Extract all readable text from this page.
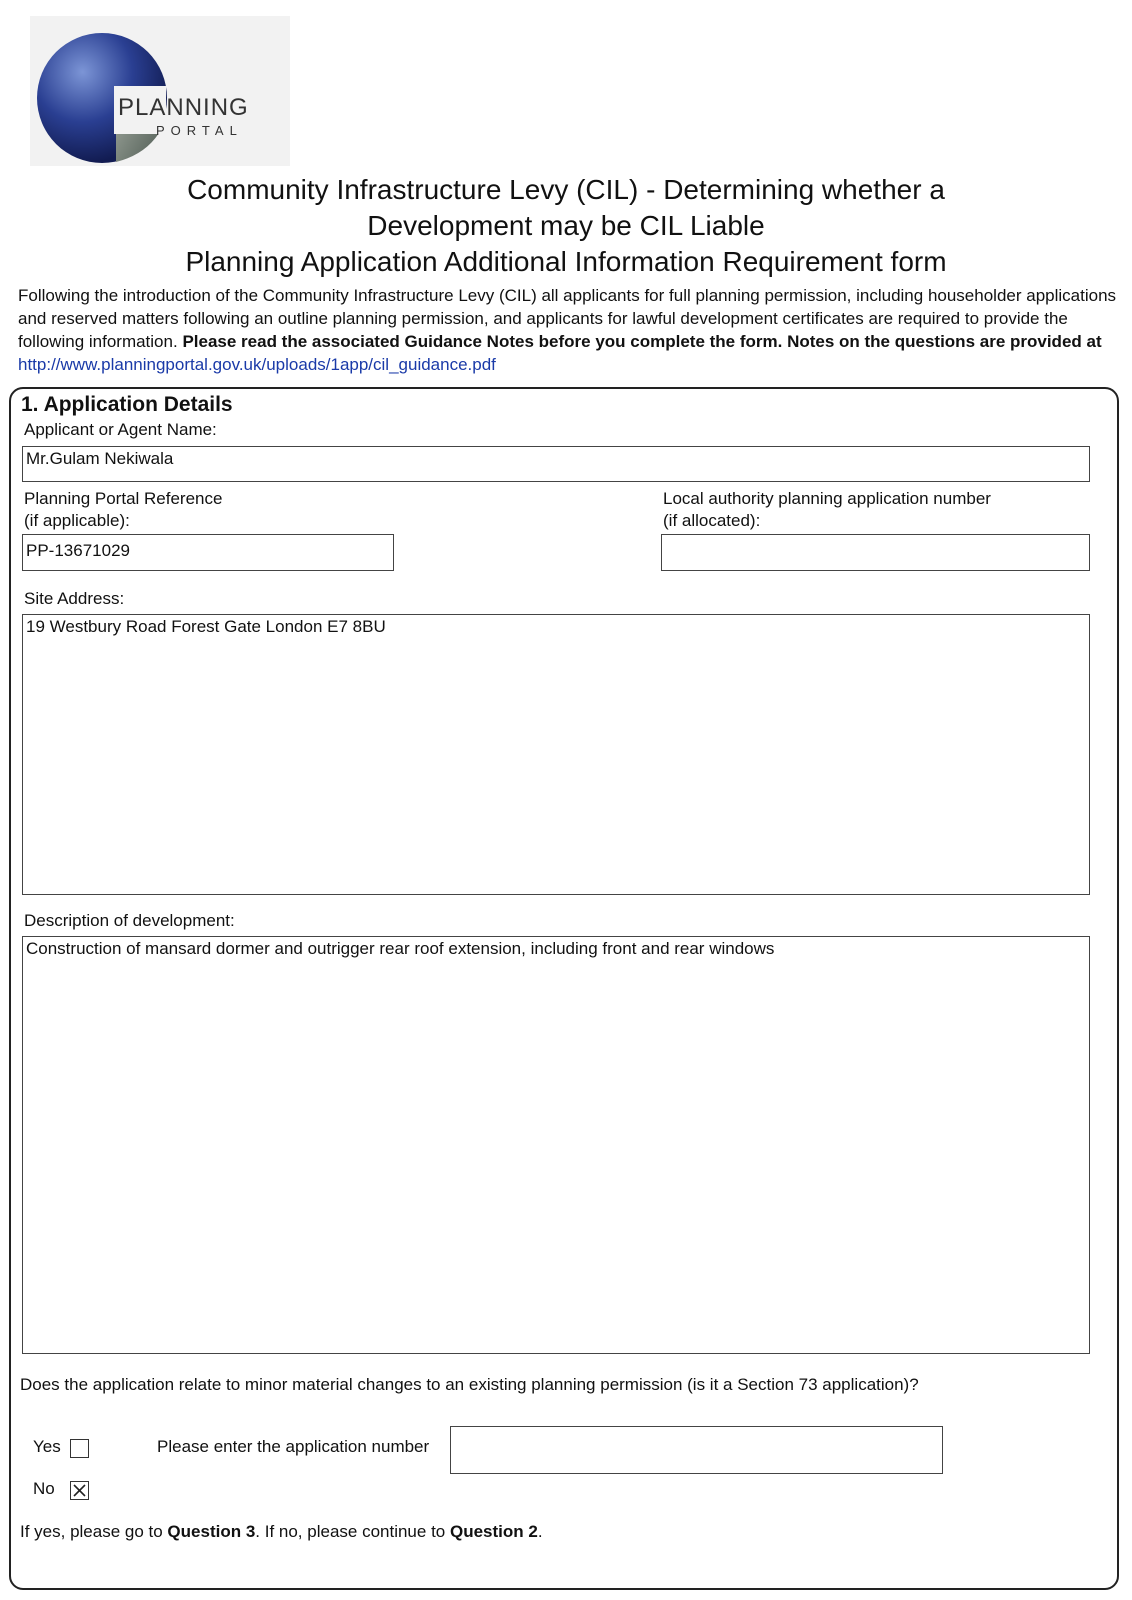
PLANNING
PORTAL
Community Infrastructure Levy (CIL) - Determining whether a
Development may be CIL Liable
Planning Application Additional Information Requirement form
Following the introduction of the Community Infrastructure Levy (CIL) all applicants for full planning permission, including householder applications and reserved matters following an outline planning permission, and applicants for lawful development certificates are required to provide the following information. Please read the associated Guidance Notes before you complete the form. Notes on the questions are provided at http://www.planningportal.gov.uk/uploads/1app/cil_guidance.pdf
1. Application Details
Applicant or Agent Name:
Mr.Gulam Nekiwala
Planning Portal Reference
(if applicable):
PP-13671029
Local authority planning application number
(if allocated):
Site Address:
19 Westbury Road Forest Gate London E7 8BU
Description of development:
Construction of mansard dormer and outrigger rear roof extension, including front and rear windows
Does the application relate to minor material changes to an existing planning permission (is it a Section 73 application)?
Yes	Please enter the application number
No
If yes, please go to Question 3. If no, please continue to Question 2.
